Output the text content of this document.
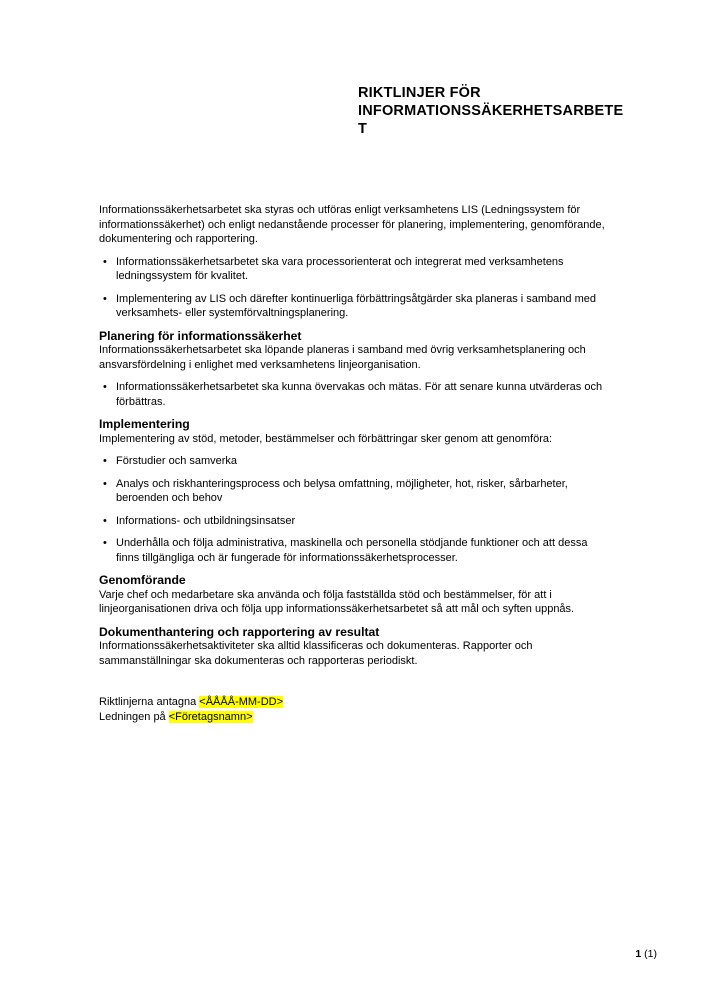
RIKTLINJER FÖR
INFORMATIONSSÄKERHETSARBETE
T

Informationssäkerhetsarbetet ska styras och utföras enligt verksamhetens LIS (Ledningssystem för informationssäkerhet) och enligt nedanstående processer för planering, implementering, genomförande, dokumentering och rapportering.

• Informationssäkerhetsarbetet ska vara processorienterat och integrerat med verksamhetens ledningssystem för kvalitet.
• Implementering av LIS och därefter kontinuerliga förbättringsåtgärder ska planeras i samband med verksamhets- eller systemförvaltningsplanering.
Planering för informationssäkerhet

Informationssäkerhetsarbetet ska löpande planeras i samband med övrig verksamhetsplanering och ansvarsfördelning i enlighet med verksamhetens linjeorganisation.

• Informationssäkerhetsarbetet ska kunna övervakas och mätas. För att senare kunna utvärderas och förbättras.
Implementering

Implementering av stöd, metoder, bestämmelser och förbättringar sker genom att genomföra:

• Förstudier och samverka
• Analys och riskhanteringsprocess och belysa omfattning, möjligheter, hot, risker, sårbarheter, beroenden och behov
• Informations- och utbildningsinsatser
• Underhålla och följa administrativa, maskinella och personella stödjande funktioner och att dessa finns tillgängliga och är fungerade för informationssäkerhetsprocesser.
Genomförande

Varje chef och medarbetare ska använda och följa fastställda stöd och bestämmelser, för att i linjeorganisationen driva och följa upp informationssäkerhetsarbetet så att mål och syften uppnås.

Dokumenthantering och rapportering av resultat

Informationssäkerhetsaktiviteter ska alltid klassificeras och dokumenteras. Rapporter och sammanställningar ska dokumenteras och rapporteras periodiskt.

Riktlinjerna antagna <ÅÅÅÅ-MM-DD>
Ledningen på <Företagsnamn>
1 (1)
